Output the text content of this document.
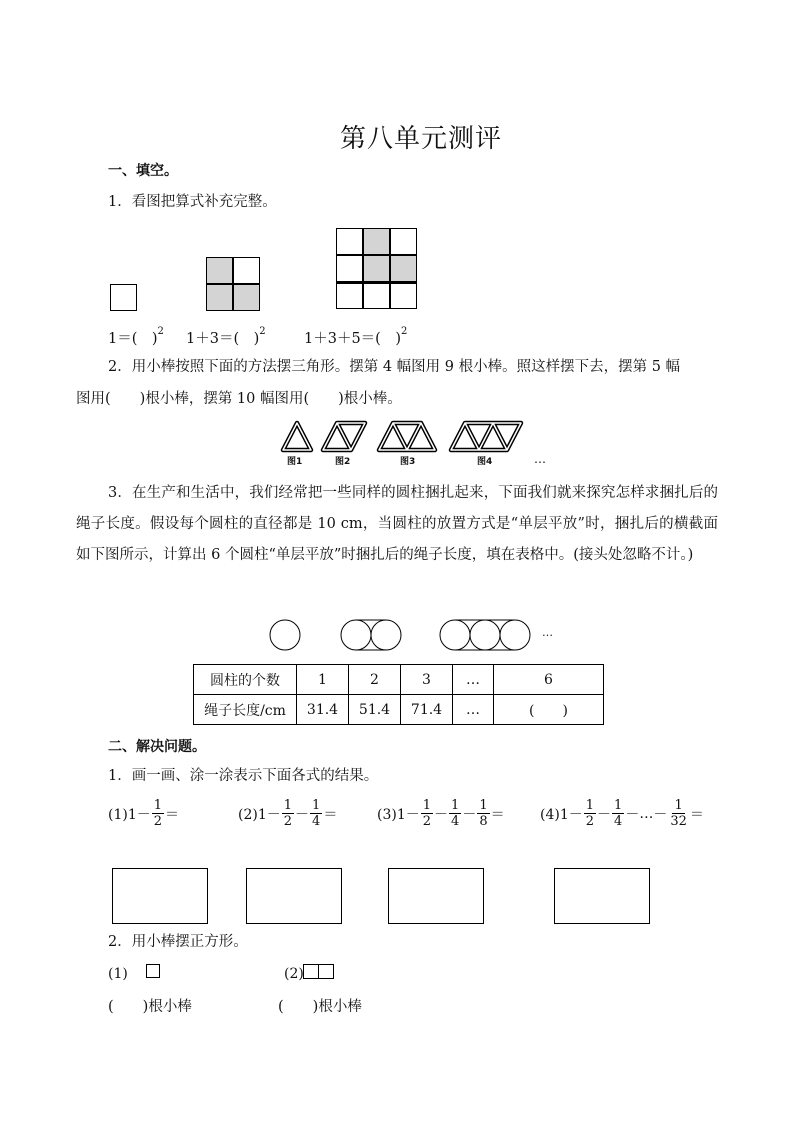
第八单元测评
一、填空。
1．看图把算式补充完整。
1＝(　)$^2$ 1＋3＝(　)$^2$	1＋3＋5＝(　)$^2$
2．用小棒按照下面的方法摆三角形。摆第 4 幅图用 9 根小棒。照这样摆下去，摆第 5 幅
图用(　　)根小棒，摆第 10 幅图用(　　)根小棒。
图1	图2	图3	图4	…
3．在生产和生活中，我们经常把一些同样的圆柱捆扎起来，下面我们就来探究怎样求捆扎后的绳子长度。假设每个圆柱的直径都是 10 cm，当圆柱的放置方式是“单层平放”时，捆扎后的横截面如下图所示，计算出 6 个圆柱“单层平放”时捆扎后的绳子长度，填在表格中。(接头处忽略不计。)
…
圆柱的个数	1	2	3	…	6
绳子长度/cm	31.4	51.4	71.4	…	(　　)
二、解决问题。
1．画一画、涂一涂表示下面各式的结果。
$(1)1- \frac{1}{2}$ ＝	$(2)1- \frac{1}{2} - \frac{1}{4}$ ＝	$(3)1- \frac{1}{2} - \frac{1}{4} - \frac{1}{8}$ ＝	$(4)1- \frac{1}{2} - \frac{1}{4}$ － … － $\frac{1}{32}$ ＝
2．用小棒摆正方形。
(1)	(2)
(　　)根小棒	(　　)根小棒
